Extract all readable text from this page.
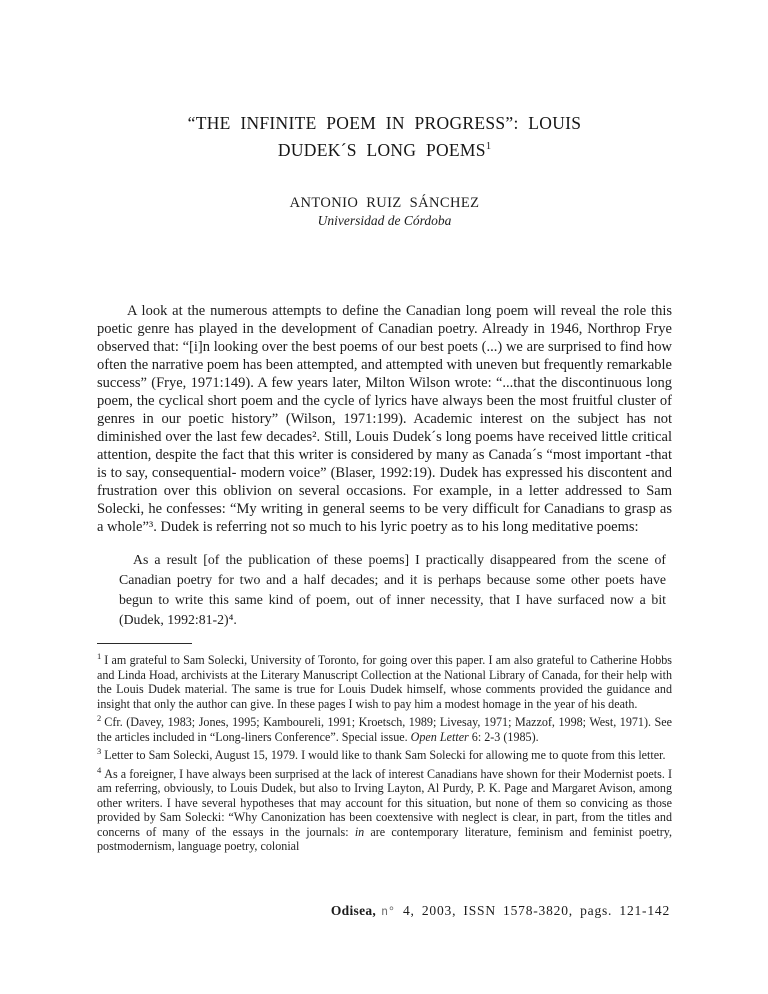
“THE INFINITE POEM IN PROGRESS”: LOUIS
DUDEK´S LONG POEMS$^1$
ANTONIO RUIZ SÁNCHEZ
Universidad de Córdoba

A look at the numerous attempts to define the Canadian long poem will reveal the role this poetic genre has played in the development of Canadian poetry. Already in 1946, Northrop Frye observed that: “[i]n looking over the best poems of our best poets (...) we are surprised to find how often the narrative poem has been attempted, and attempted with uneven but frequently remarkable success” (Frye, 1971:149). A few years later, Milton Wilson wrote: “...that the discontinuous long poem, the cyclical short poem and the cycle of lyrics have always been the most fruitful cluster of genres in our poetic history” (Wilson, 1971:199). Academic interest on the subject has not diminished over the last few decades². Still, Louis Dudek´s long poems have received little critical attention, despite the fact that this writer is considered by many as Canada´s “most important -that is to say, consequential- modern voice” (Blaser, 1992:19). Dudek has expressed his discontent and frustration over this oblivion on several occasions. For example, in a letter addressed to Sam Solecki, he confesses: “My writing in general seems to be very difficult for Canadians to grasp as a whole”³. Dudek is referring not so much to his lyric poetry as to his long meditative poems:

As a result [of the publication of these poems] I practically disappeared from the scene of Canadian poetry for two and a half decades; and it is perhaps because some other poets have begun to write this same kind of poem, out of inner necessity, that I have surfaced now a bit (Dudek, 1992:81-2)⁴.

$^1$ I am grateful to Sam Solecki, University of Toronto, for going over this paper. I am also grateful to Catherine Hobbs and Linda Hoad, archivists at the Literary Manuscript Collection at the National Library of Canada, for their help with the Louis Dudek material. The same is true for Louis Dudek himself, whose comments provided the guidance and insight that only the author can give. In these pages I wish to pay him a modest homage in the year of his death.

$^2$ Cfr. (Davey, 1983; Jones, 1995; Kamboureli, 1991; Kroetsch, 1989; Livesay, 1971; Mazzof, 1998; West, 1971). See the articles included in “Long-liners Conference”. Special issue. Open Letter 6: 2-3 (1985).

$^3$ Letter to Sam Solecki, August 15, 1979. I would like to thank Sam Solecki for allowing me to quote from this letter.

$^4$ As a foreigner, I have always been surprised at the lack of interest Canadians have shown for their Modernist poets. I am referring, obviously, to Louis Dudek, but also to Irving Layton, Al Purdy, P. K. Page and Margaret Avison, among other writers. I have several hypotheses that may account for this situation, but none of them so convicing as those provided by Sam Solecki: “Why Canonization has been coextensive with neglect is clear, in part, from the titles and concerns of many of the essays in the journals: in are contemporary literature, feminism and feminist poetry, postmodernism, language poetry, colonial

Odisea, n° 4, 2003, ISSN 1578-3820, pags. 121-142
